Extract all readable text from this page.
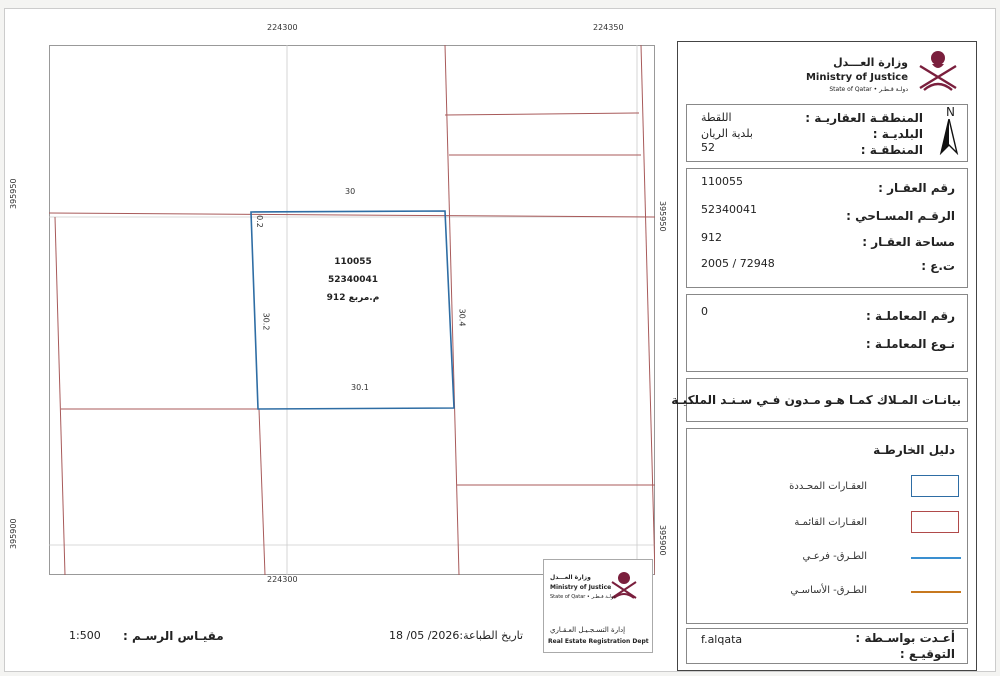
224300	224350
224300
395950
395900
395950
395900
110055
52340041
م.مربع 912
30
30.1
30.2	30.4
0.2
وزارة العـــدل
Ministry of Justice
State of Qatar • دولـة قـطـر
إدارة التسـجـيـل العـقـاري
Real Estate Registration Dept
1:500 مقيـاس الرسـم :	تاريخ الطباعة:2026/ 05/ 18
وزارة العـــدل
Ministry of Justice
State of Qatar • دولـة قـطـر
المنطقـة العقاريـة :
اللقطة
البلديـة :
بلدية الريان
المنطقـة :
52
N
رقم العقـار :
110055
الرقـم المسـاحي :
52340041
مساحة العقـار :
912
ت.ع :
2005 / 72948
رقم المعاملـة :
0
نـوع المعاملـة :
بيانـات المـلاك كمـا هـو مـدون فـي سـنـد الملكيـة
دليل الخارطـة
العقـارات المحـددة
العقـارات القائمـة
الطـرق- فرعـي
الطـرق- الأساسـي
أعـدت بواسـطة :
f.alqata
التوقيـع :
